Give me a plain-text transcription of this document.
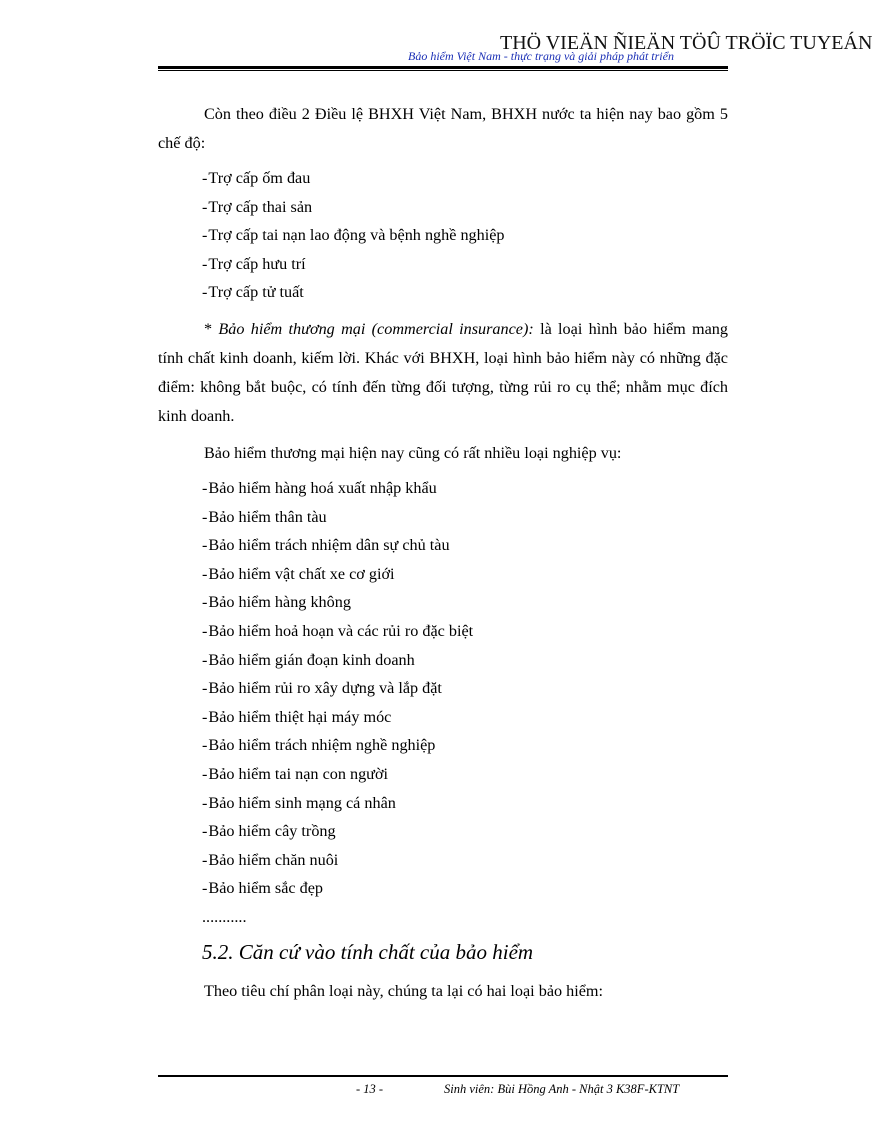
THÖ VIEÄN ÑIEÄN TÖÛ TRÖÏC TUYEÁN
Bảo hiểm Việt Nam - thực trạng và giải pháp phát triển

Còn theo điều 2 Điều lệ BHXH Việt Nam, BHXH nước ta hiện nay bao gồm 5 chế độ:

-Trợ cấp ốm đau

-Trợ cấp thai sản

-Trợ cấp tai nạn lao động và bệnh nghề nghiệp

-Trợ cấp hưu trí

-Trợ cấp tử tuất

* Bảo hiểm thương mại (commercial insurance): là loại hình bảo hiểm mang tính chất kinh doanh, kiếm lời. Khác với BHXH, loại hình bảo hiểm này có những đặc điểm: không bắt buộc, có tính đến từng đối tượng, từng rủi ro cụ thể; nhằm mục đích kinh doanh.

Bảo hiểm thương mại hiện nay cũng có rất nhiều loại nghiệp vụ:

-Bảo hiểm hàng hoá xuất nhập khẩu

-Bảo hiểm thân tàu

-Bảo hiểm trách nhiệm dân sự chủ tàu

-Bảo hiểm vật chất xe cơ giới

-Bảo hiểm hàng không

-Bảo hiểm hoả hoạn và các rủi ro đặc biệt

-Bảo hiểm gián đoạn kinh doanh

-Bảo hiểm rủi ro xây dựng và lắp đặt

-Bảo hiểm thiệt hại máy móc

-Bảo hiểm trách nhiệm nghề nghiệp

-Bảo hiểm tai nạn con người

-Bảo hiểm sinh mạng cá nhân

-Bảo hiểm cây trồng

-Bảo hiểm chăn nuôi

-Bảo hiểm sắc đẹp

...........

5.2. Căn cứ vào tính chất của bảo hiểm

Theo tiêu chí phân loại này, chúng ta lại có hai loại bảo hiểm:

- 13 -	Sinh viên: Bùi Hồng Anh - Nhật 3 K38F-KTNT
